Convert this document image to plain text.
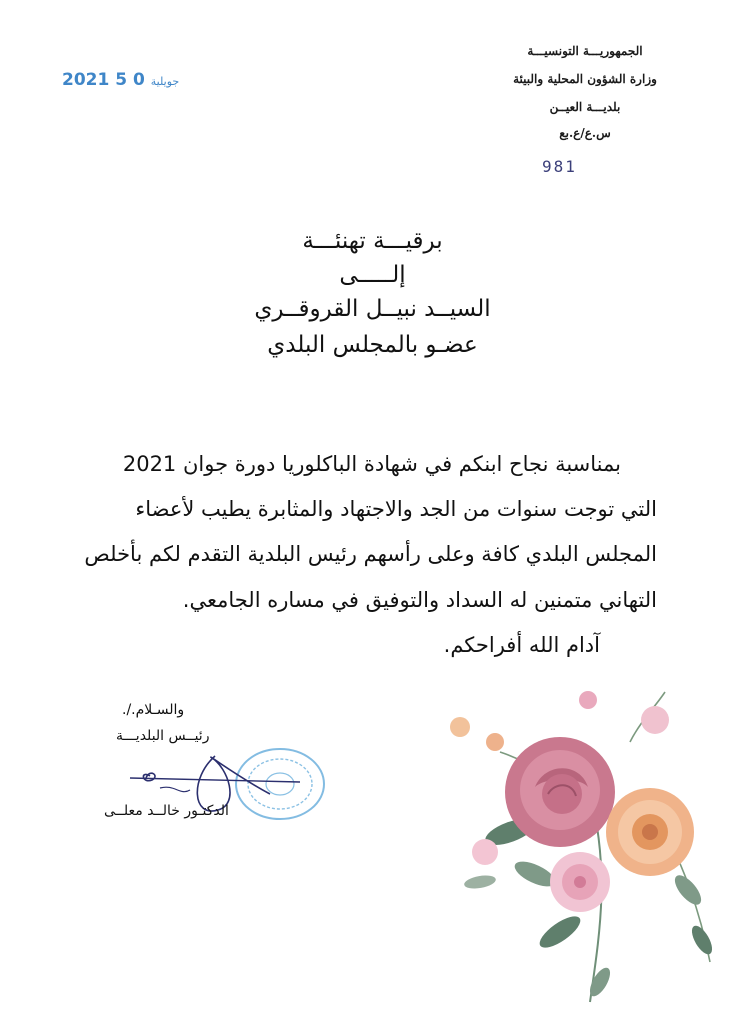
الجمهوريـــة التونسيـــة
وزارة الشؤون المحلية والبيئة
بلديـــة العيــن
س.ع/ع.بع
981
2021	جويلية 0 5
برقيـــة تهنئـــة
إلـــــى
السيــد نبيــل القروقــري
عضـو بالمجلس البلدي
بمناسبة نجاح ابنكم في شهادة الباكلوريا دورة جوان 2021
التي توجت سنوات من الجد والاجتهاد والمثابرة يطيب لأعضاء
المجلس البلدي كافة وعلى رأسهم رئيس البلدية التقدم لكم بأخلص
التهاني متمنين له السداد والتوفيق في مساره الجامعي.
آدام الله أفراحكم.
والسـلام./.
رئيــس البلديـــة
الدكتـور خالــد معلــى
